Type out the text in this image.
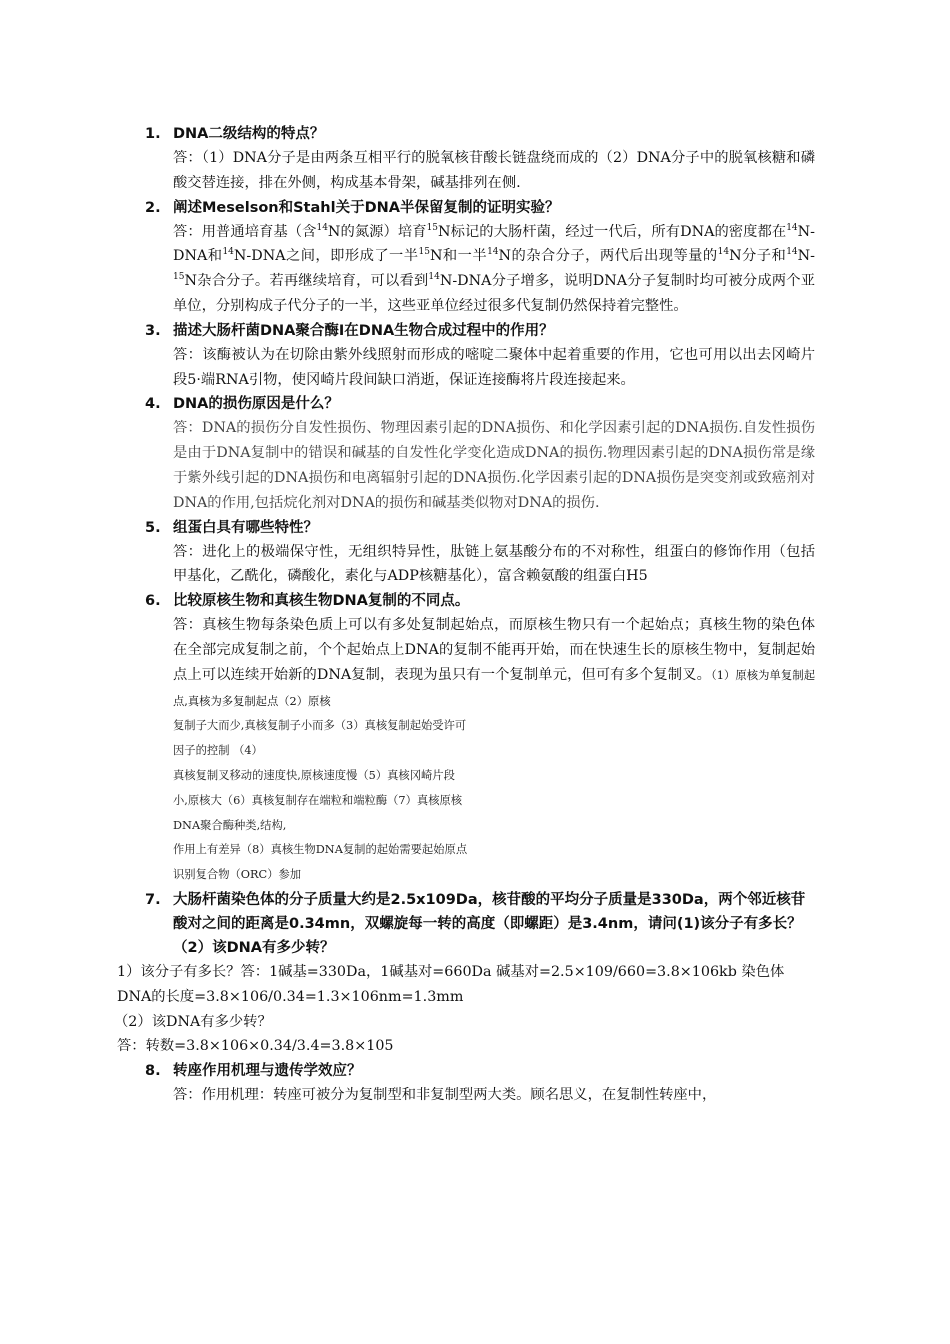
1. DNA二级结构的特点？

答：（1）DNA分子是由两条互相平行的脱氧核苷酸长链盘绕而成的（2）DNA分子中的脱氧核糖和磷酸交替连接，排在外侧，构成基本骨架，碱基排列在侧.

2. 阐述Meselson和Stahl关于DNA半保留复制的证明实验？

答：用普通培育基（含$^{14}$N的氮源）培育$^{15}$N标记的大肠杆菌，经过一代后，所有DNA的密度都在$^{14}$N-DNA和$^{14}$N-DNA之间，即形成了一半$^{15}$N和一半$^{14}$N的杂合分子，两代后出现等量的$^{14}$N分子和$^{14}$N-$^{15}$N杂合分子。若再继续培育，可以看到$^{14}$N-DNA分子增多，说明DNA分子复制时均可被分成两个亚单位，分别构成子代分子的一半，这些亚单位经过很多代复制仍然保持着完整性。

3. 描述大肠杆菌DNA聚合酶I在DNA生物合成过程中的作用？

答：该酶被认为在切除由紫外线照射而形成的嘧啶二聚体中起着重要的作用，它也可用以出去冈崎片段5·端RNA引物，使冈崎片段间缺口消逝，保证连接酶将片段连接起来。

4. DNA的损伤原因是什么？

答：DNA的损伤分自发性损伤、物理因素引起的DNA损伤、和化学因素引起的DNA损伤.自发性损伤是由于DNA复制中的错误和碱基的自发性化学变化造成DNA的损伤.物理因素引起的DNA损伤常是缘于紫外线引起的DNA损伤和电离辐射引起的DNA损伤.化学因素引起的DNA损伤是突变剂或致癌剂对DNA的作用,包括烷化剂对DNA的损伤和碱基类似物对DNA的损伤.

5. 组蛋白具有哪些特性？

答：进化上的极端保守性，无组织特异性，肽链上氨基酸分布的不对称性，组蛋白的修饰作用（包括甲基化，乙酰化，磷酸化，素化与ADP核糖基化），富含赖氨酸的组蛋白H5

6. 比较原核生物和真核生物DNA复制的不同点。

答：真核生物每条染色质上可以有多处复制起始点，而原核生物只有一个起始点；真核生物的染色体在全部完成复制之前，个个起始点上DNA的复制不能再开始，而在快速生长的原核生物中，复制起始点上可以连续开始新的DNA复制，表现为虽只有一个复制单元，但可有多个复制叉。（1）原核为单复制起点,真核为多复制起点（2）原核

复制子大而少,真核复制子小而多（3）真核复制起始受许可

因子的控制 （4）

真核复制叉移动的速度快,原核速度慢（5）真核冈崎片段

小,原核大（6）真核复制存在端粒和端粒酶（7）真核原核

DNA聚合酶种类,结构,

作用上有差异（8）真核生物DNA复制的起始需要起始原点

识别复合物（ORC）参加

7. 大肠杆菌染色体的分子质量大约是2.5x109Da，核苷酸的平均分子质量是330Da，两个邻近核苷酸对之间的距离是0.34mn，双螺旋每一转的高度（即螺距）是3.4nm，请问(1)该分子有多长？（2）该DNA有多少转？

1）该分子有多长？答：1碱基=330Da，1碱基对=660Da 碱基对=2.5×109/660=3.8×106kb 染色体DNA的长度=3.8×106/0.34=1.3×106nm=1.3mm

（2）该DNA有多少转？

答：转数=3.8×106×0.34/3.4=3.8×105

8. 转座作用机理与遗传学效应？

答：作用机理：转座可被分为复制型和非复制型两大类。顾名思义，在复制性转座中，
